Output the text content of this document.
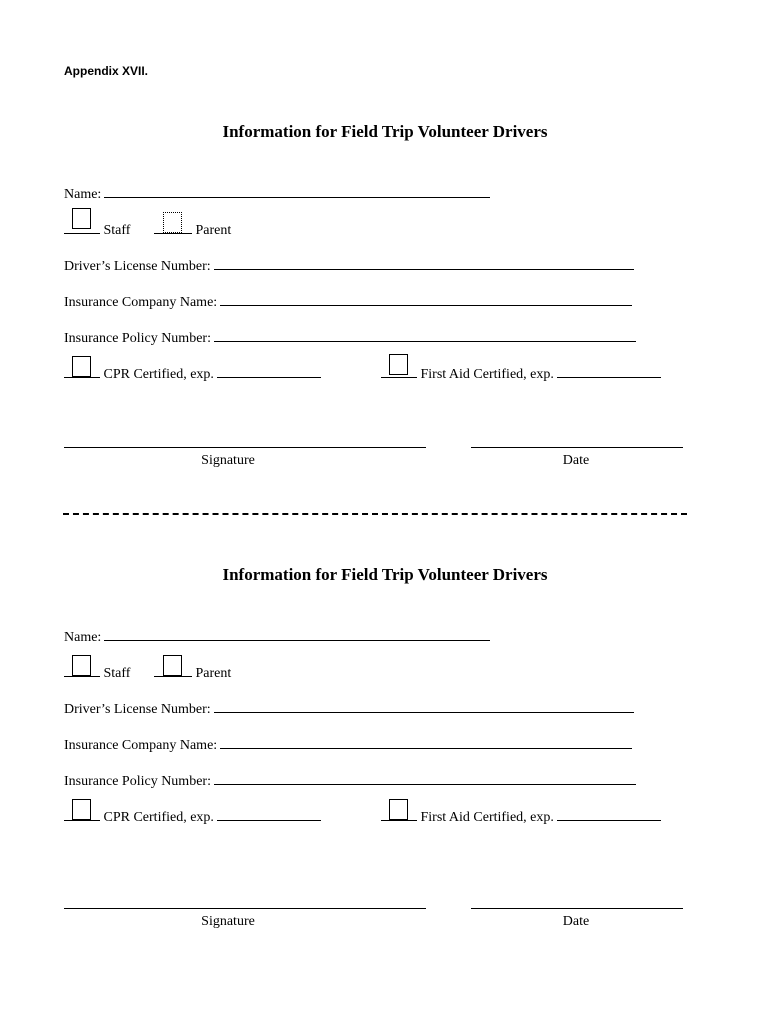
Appendix XVII.
Information for Field Trip Volunteer Drivers
Name:
Staff	Parent
Driver’s License Number:
Insurance Company Name:
Insurance Policy Number:
CPR Certified, exp.	First Aid Certified, exp.
Signature	Date
Information for Field Trip Volunteer Drivers
Name:
Staff	Parent
Driver’s License Number:
Insurance Company Name:
Insurance Policy Number:
CPR Certified, exp.	First Aid Certified, exp.
Signature	Date
